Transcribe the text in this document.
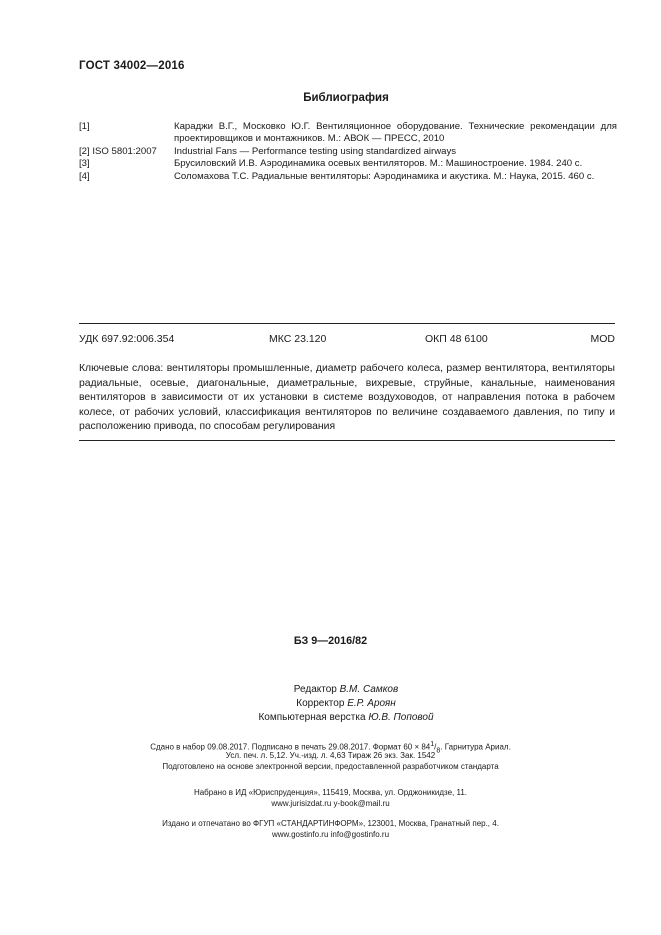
ГОСТ 34002—2016
Библиография
[1]	Караджи В.Г., Московко Ю.Г. Вентиляционное оборудование. Технические рекомендации для проектировщиков и монтажников. М.: АВОК — ПРЕСС, 2010
[2] ISO 5801:2007	Industrial Fans — Performance testing using standardized airways
[3]	Брусиловский И.В. Аэродинамика осевых вентиляторов. М.: Машиностроение. 1984. 240 с.
[4]	Соломахова Т.С. Радиальные вентиляторы: Аэродинамика и акустика. М.: Наука, 2015. 460 с.
УДК 697.92:006.354	МКС 23.120	ОКП 48 6100	MOD
Ключевые слова: вентиляторы промышленные, диаметр рабочего колеса, размер вентилятора, вентиляторы радиальные, осевые, диагональные, диаметральные, вихревые, струйные, канальные, наименования вентиляторов в зависимости от их установки в системе воздуховодов, от направления потока в рабочем колесе, от рабочих условий, классификация вентиляторов по величине создаваемого давления, по типу и расположению привода, по способам регулирования
БЗ 9—2016/82
Редактор В.М. Самков
Корректор Е.Р. Ароян
Компьютерная верстка Ю.В. Поповой
Сдано в набор 09.08.2017. Подписано в печать 29.08.2017. Формат $60 \times 84^1/_8$. Гарнитура Ариал.
Усл. печ. л. 5,12. Уч.-изд. л. 4,63 Тираж 26 экз. Зак. 1542
Подготовлено на основе электронной версии, предоставленной разработчиком стандарта
Набрано в ИД «Юриспруденция», 115419, Москва, ул. Орджоникидзе, 11.
www.jurisizdat.ru y-book@mail.ru
Издано и отпечатано во ФГУП «СТАНДАРТИНФОРМ», 123001, Москва, Гранатный пер., 4.
www.gostinfo.ru info@gostinfo.ru
